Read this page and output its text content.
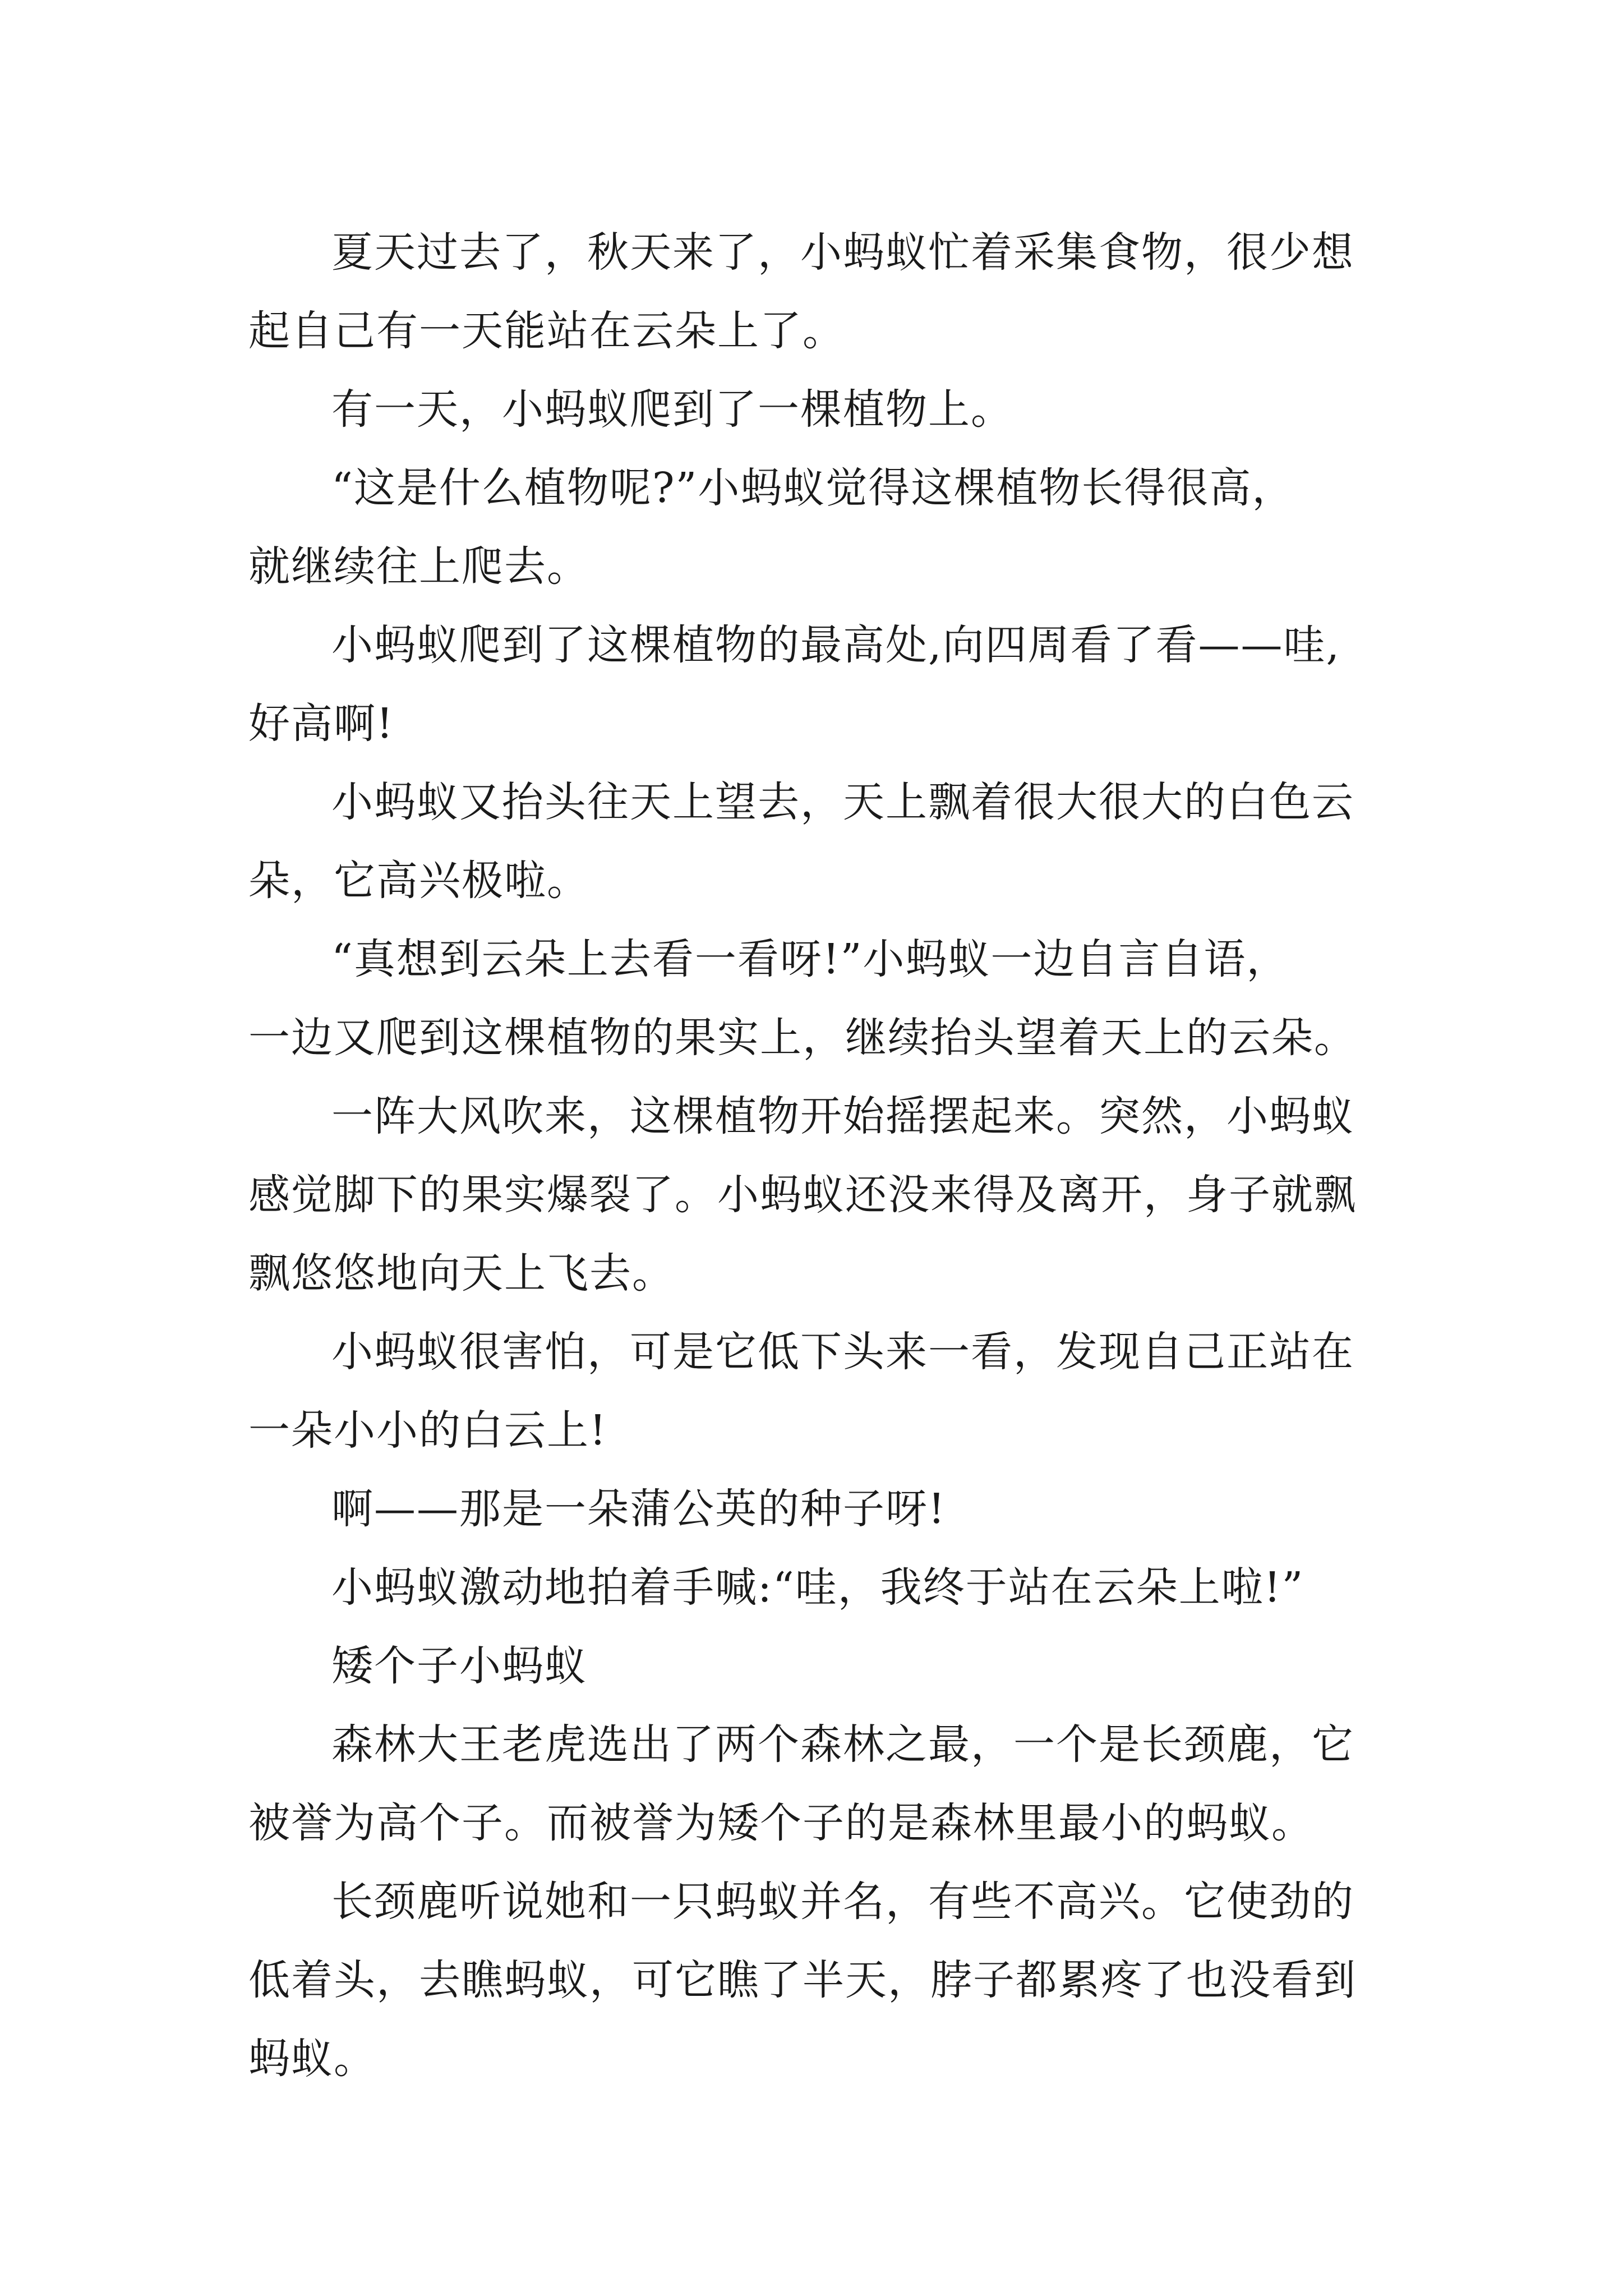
夏天过去了，秋天来了，小蚂蚁忙着采集食物，很少想
起自己有一天能站在云朵上了。
有一天，小蚂蚁爬到了一棵植物上。
“这是什么植物呢?”小蚂蚁觉得这棵植物长得很高，
就继续往上爬去。
小蚂蚁爬到了这棵植物的最高处,向四周看了看——哇,
好高啊!
小蚂蚁又抬头往天上望去，天上飘着很大很大的白色云
朵，它高兴极啦。
“真想到云朵上去看一看呀!”小蚂蚁一边自言自语，
一边又爬到这棵植物的果实上，继续抬头望着天上的云朵。
一阵大风吹来，这棵植物开始摇摆起来。突然，小蚂蚁
感觉脚下的果实爆裂了。小蚂蚁还没来得及离开，身子就飘
飘悠悠地向天上飞去。
小蚂蚁很害怕，可是它低下头来一看，发现自己正站在
一朵小小的白云上!
啊——那是一朵蒲公英的种子呀!
小蚂蚁激动地拍着手喊:“哇，我终于站在云朵上啦!”
矮个子小蚂蚁
森林大王老虎选出了两个森林之最，一个是长颈鹿，它
被誉为高个子。而被誉为矮个子的是森林里最小的蚂蚁。
长颈鹿听说她和一只蚂蚁并名，有些不高兴。它使劲的
低着头，去瞧蚂蚁，可它瞧了半天，脖子都累疼了也没看到
蚂蚁。
